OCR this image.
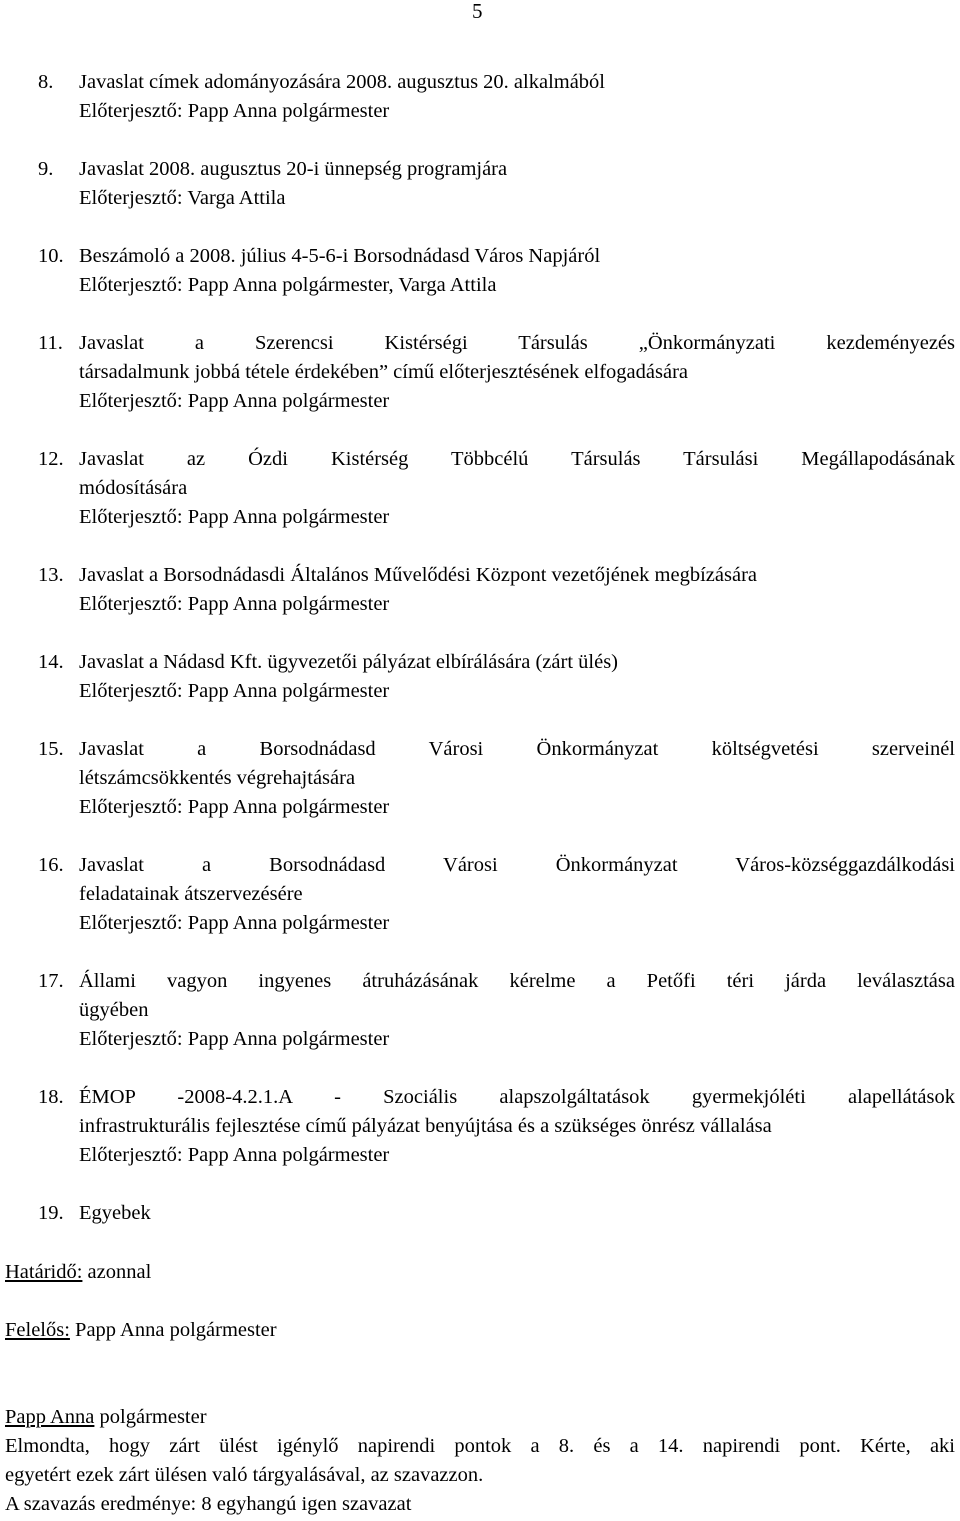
5
8. Javaslat címek adományozására 2008. augusztus 20. alkalmából
Előterjesztő: Papp Anna polgármester
9. Javaslat 2008. augusztus 20-i ünnepség programjára
Előterjesztő: Varga Attila
10. Beszámoló a 2008. július 4-5-6-i Borsodnádasd Város Napjáról
Előterjesztő: Papp Anna polgármester, Varga Attila
11. Javaslat a Szerencsi Kistérségi Társulás „Önkormányzati kezdeményezés
társadalmunk jobbá tétele érdekében” című előterjesztésének elfogadására
Előterjesztő: Papp Anna polgármester
12. Javaslat az Ózdi Kistérség Többcélú Társulás Társulási Megállapodásának
módosítására
Előterjesztő: Papp Anna polgármester
13. Javaslat a Borsodnádasdi Általános Művelődési Központ vezetőjének megbízására
Előterjesztő: Papp Anna polgármester
14. Javaslat a Nádasd Kft. ügyvezetői pályázat elbírálására (zárt ülés)
Előterjesztő: Papp Anna polgármester
15. Javaslat a Borsodnádasd Városi Önkormányzat költségvetési szerveinél
létszámcsökkentés végrehajtására
Előterjesztő: Papp Anna polgármester
16. Javaslat a Borsodnádasd Városi Önkormányzat Város-községgazdálkodási
feladatainak átszervezésére
Előterjesztő: Papp Anna polgármester
17. Állami vagyon ingyenes átruházásának kérelme a Petőfi téri járda leválasztása
ügyében
Előterjesztő: Papp Anna polgármester
18. ÉMOP -2008-4.2.1.A - Szociális alapszolgáltatások gyermekjóléti alapellátások
infrastrukturális fejlesztése című pályázat benyújtása és a szükséges önrész vállalása
Előterjesztő: Papp Anna polgármester
19. Egyebek
Határidő: azonnal
Felelős: Papp Anna polgármester

Papp Anna polgármester

Elmondta, hogy zárt ülést igénylő napirendi pontok a 8. és a 14. napirendi pont. Kérte, aki
egyetért ezek zárt ülésen való tárgyalásával, az szavazzon.

A szavazás eredménye: 8 egyhangú igen szavazat
